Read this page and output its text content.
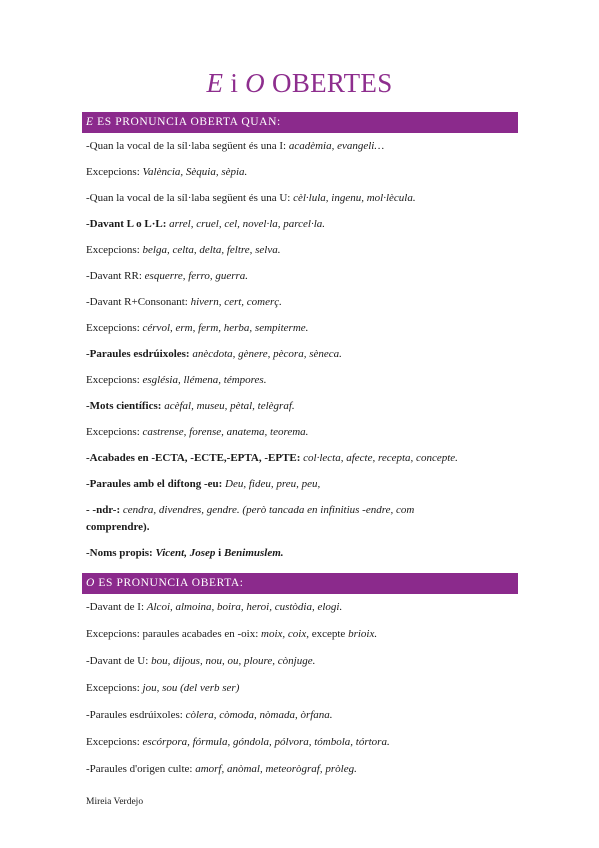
E i O OBERTES
E ES PRONUNCIA OBERTA QUAN:
-Quan la vocal de la síl·laba següent és una I: acadèmia, evangeli…
Excepcions: València, Sèquia, sèpia.
-Quan la vocal de la síl·laba següent és una U: cèl·lula, ingenu, mol·lècula.
-Davant L o L·L: arrel, cruel, cel, novel·la, parcel·la.
Excepcions: belga, celta, delta, feltre, selva.
-Davant RR: esquerre, ferro, guerra.
-Davant R+Consonant: hivern, cert, comerç.
Excepcions: cérvol, erm, ferm, herba, sempiterme.
-Paraules esdrúixoles: anècdota, gènere, pècora, sèneca.
Excepcions: església, llémena, témpores.
-Mots científics: acèfal, museu, pètal, telègraf.
Excepcions: castrense, forense, anatema, teorema.
-Acabades en -ECTA, -ECTE,-EPTA, -EPTE: col·lecta, afecte, recepta, concepte.
-Paraules amb el diftong -eu: Deu, fideu, preu, peu,
- -ndr-: cendra, divendres, gendre. (però tancada en infinitius -endre, com
comprendre).
-Noms propis: Vicent, Josep i Benimuslem.
O ES PRONUNCIA OBERTA:
-Davant de I: Alcoi, almoina, boira, heroi, custòdia, elogi.
Excepcions: paraules acabades en -oix: moix, coix, excepte brioix.
-Davant de U: bou, dijous, nou, ou, ploure, cònjuge.
Excepcions: jou, sou (del verb ser)
-Paraules esdrúixoles: còlera, còmoda, nòmada, òrfana.
Excepcions: escórpora, fórmula, góndola, pólvora, tómbola, tórtora.
-Paraules d'origen culte: amorf, anòmal, meteorògraf, pròleg.
Mireia Verdejo
